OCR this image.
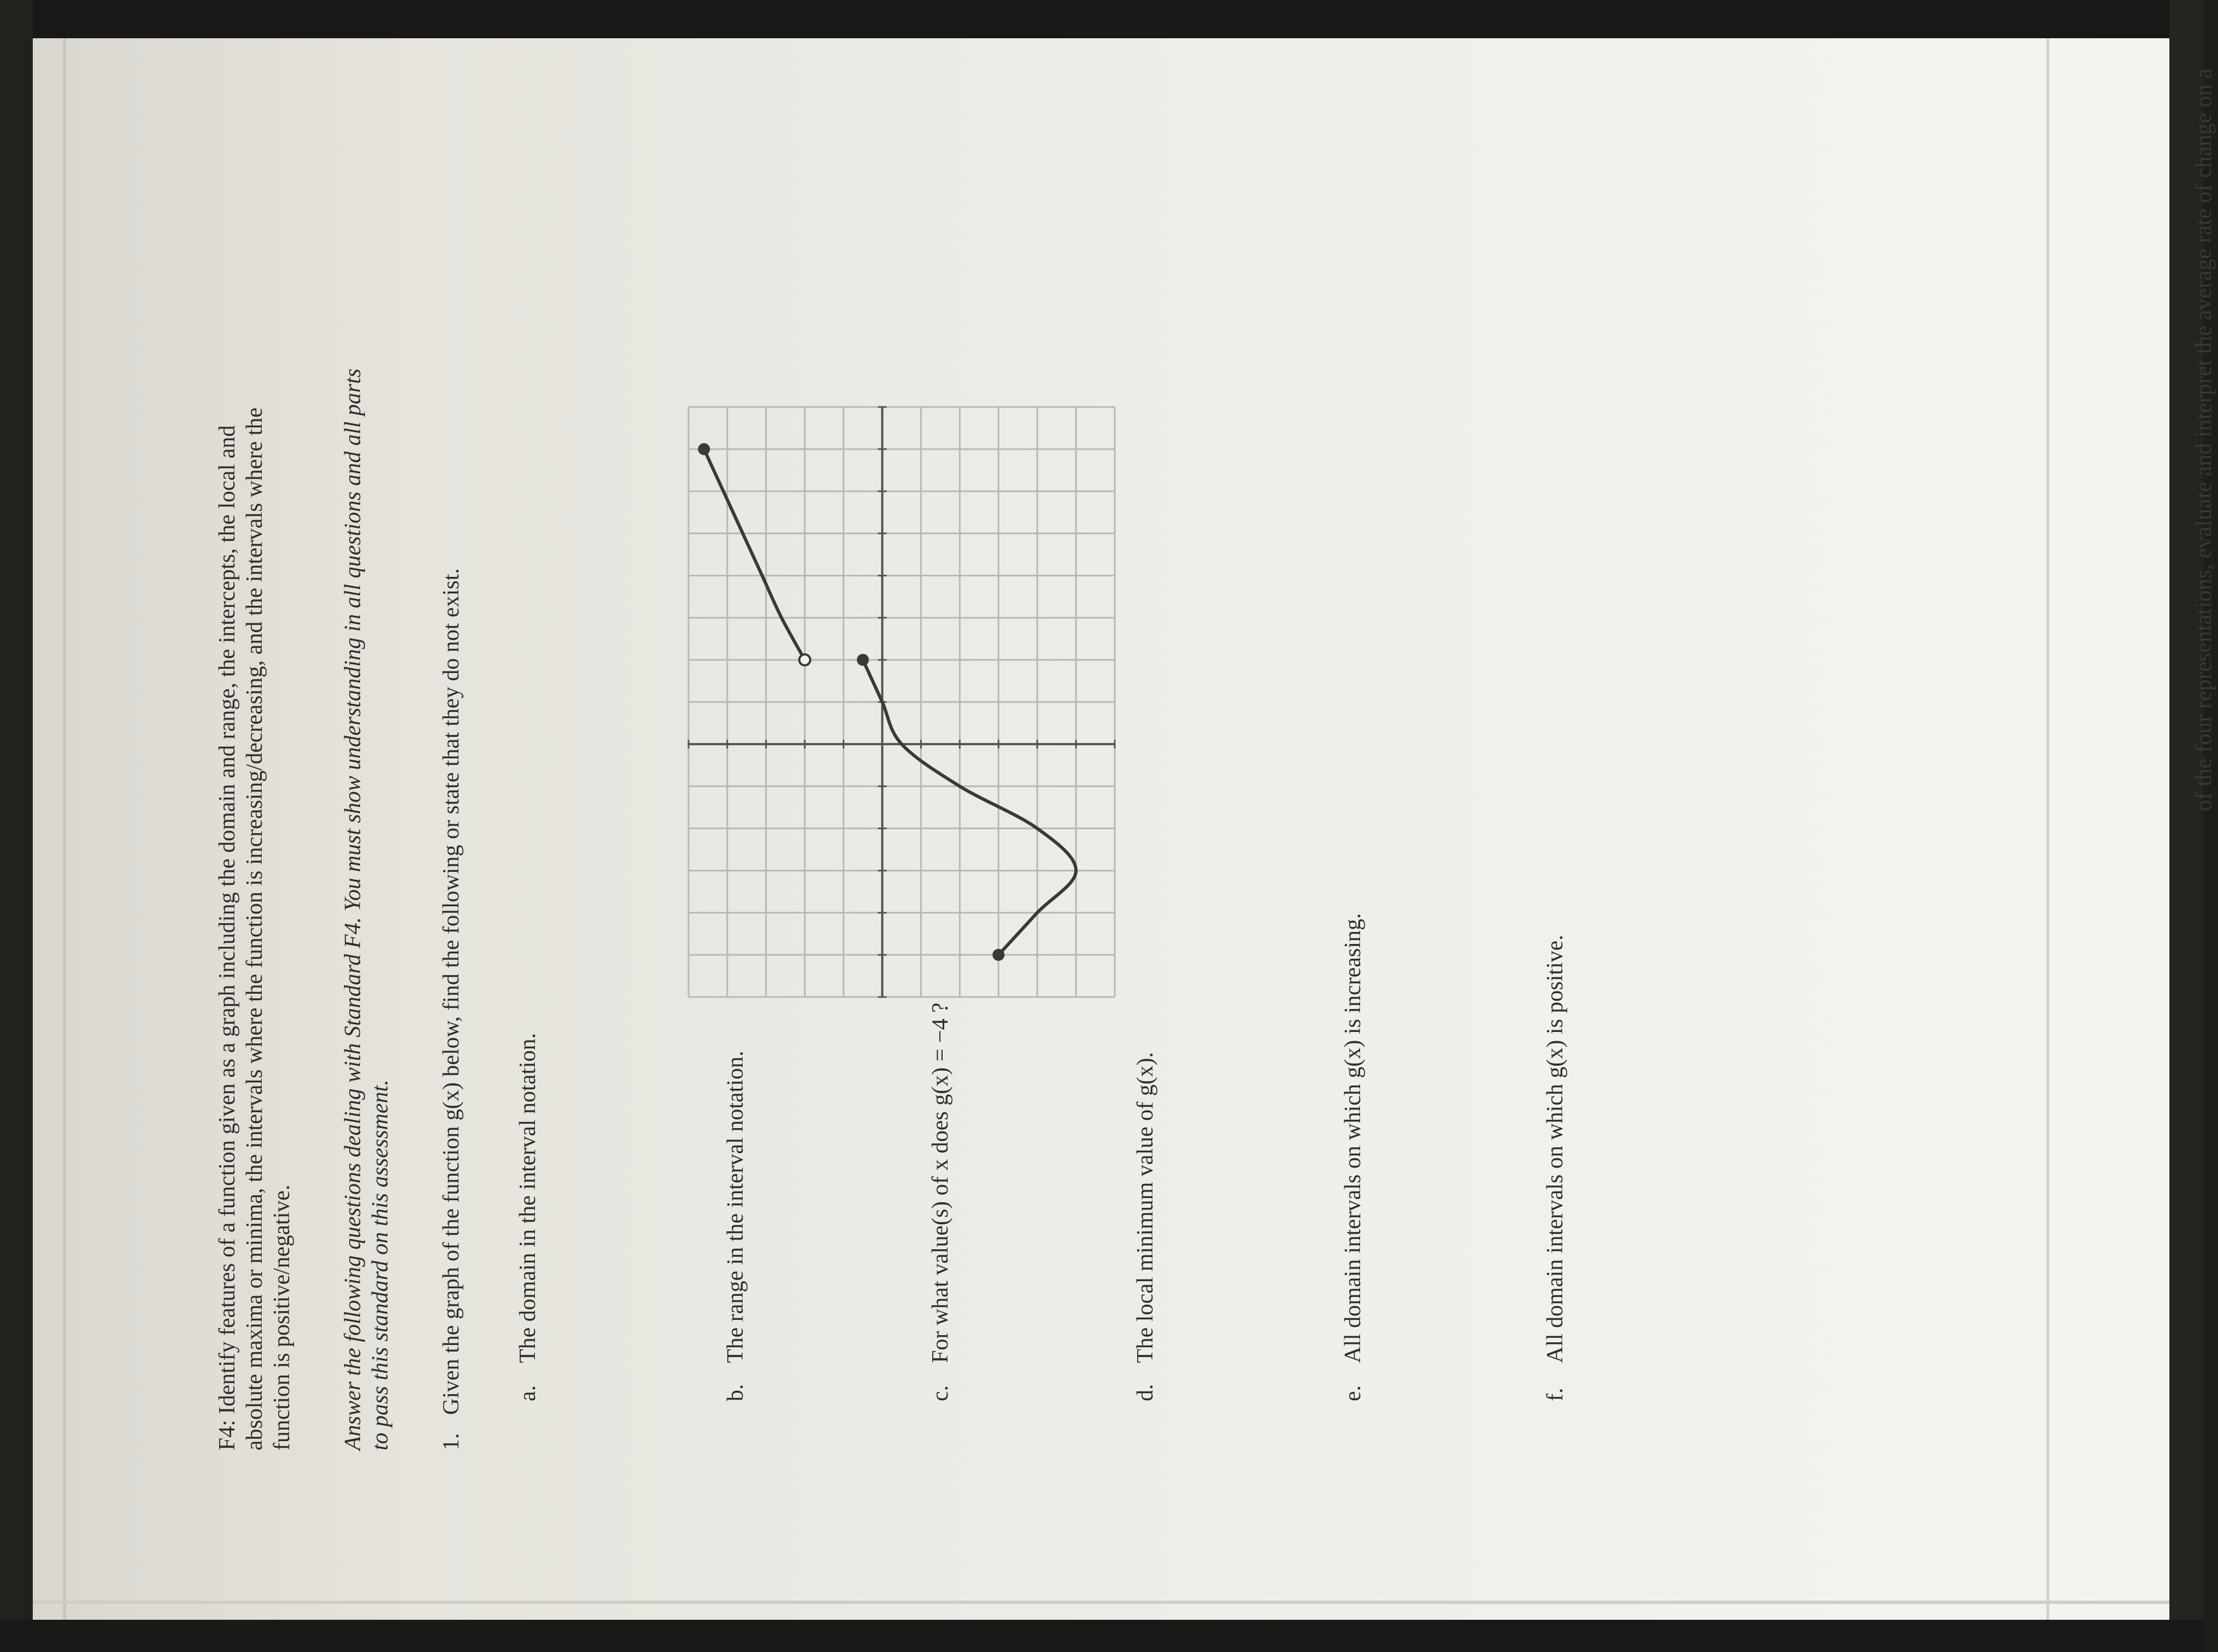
F4: Identify features of a function given as a graph including the domain and range, the intercepts, the local and absolute maxima or minima, the intervals where the function is increasing/decreasing, and the intervals where the function is positive/negative. Answer the following questions dealing with Standard F4. You must show understanding in all questions and all parts to pass this standard on this assessment. 1.

Given the graph of the function g(x) below, find the following or state that they do not exist. a.

The domain in the interval notation.

b.

The range in the interval notation.

c.

For what value(s) of x does g(x) = −4 ?

d.

The local minimum value of g(x).

e.

All domain intervals on which g(x) is increasing.

f.

All domain intervals on which g(x) is positive.

of the four representations, evaluate and interpret the average rate of change on a
